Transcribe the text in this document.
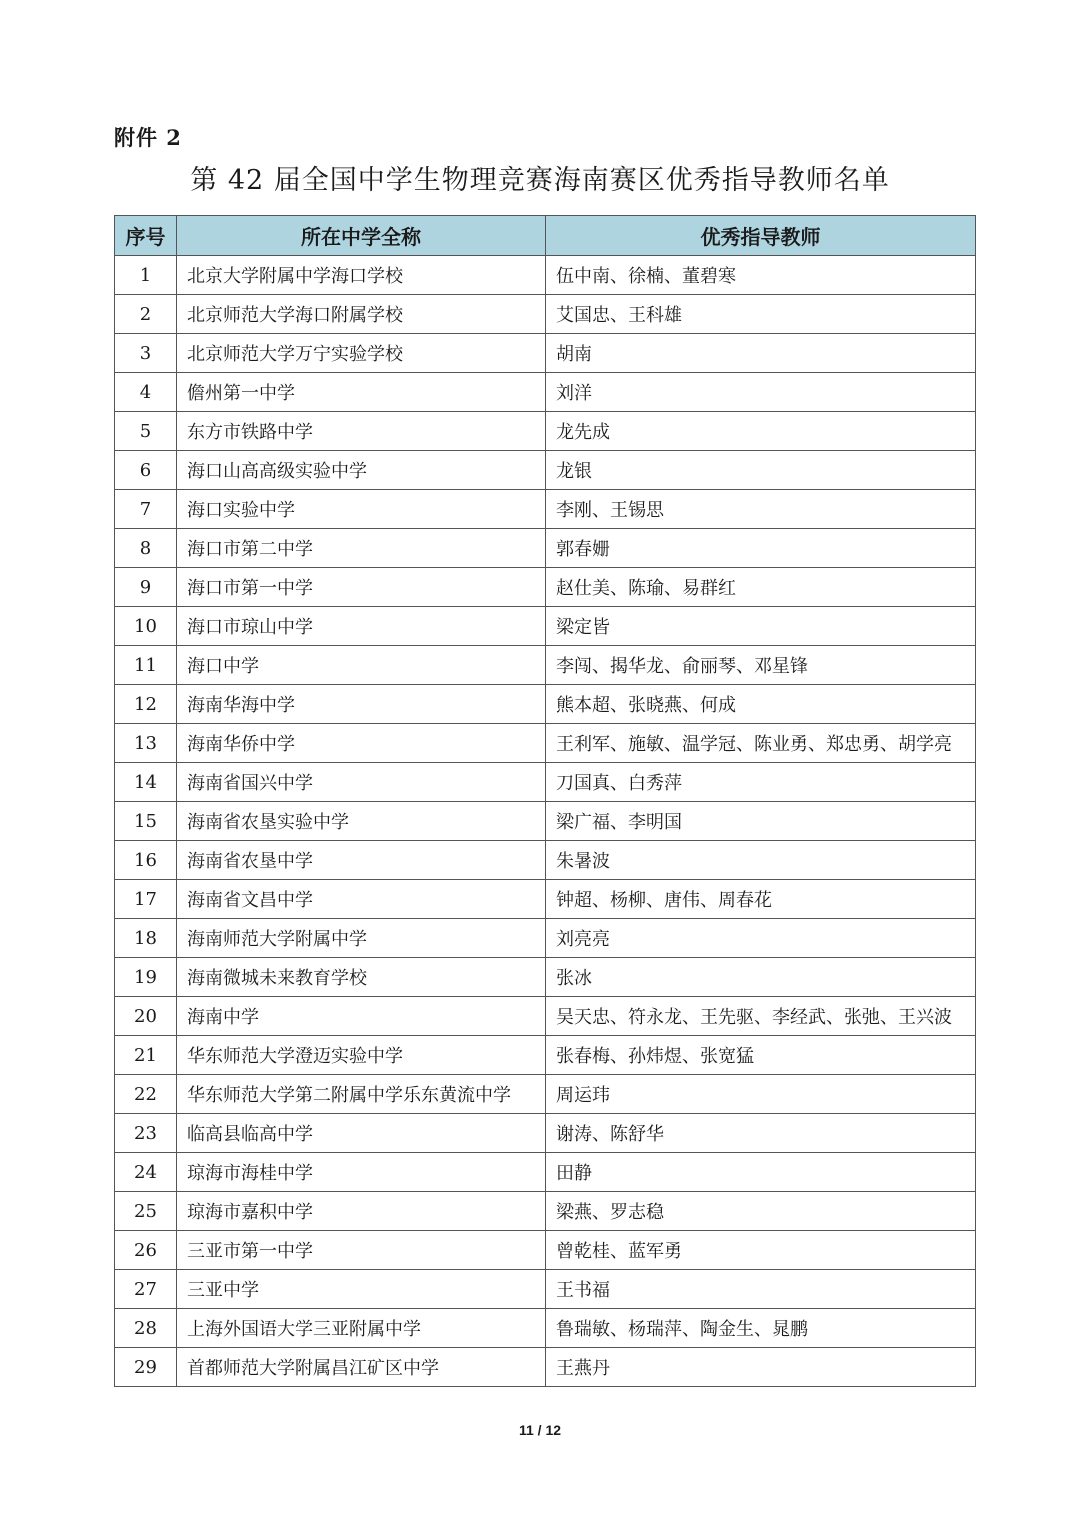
附件 2
第 42 届全国中学生物理竞赛海南赛区优秀指导教师名单
序号	所在中学全称	优秀指导教师
1	北京大学附属中学海口学校	伍中南、徐楠、董碧寒
2	北京师范大学海口附属学校	艾国忠、王科雄
3	北京师范大学万宁实验学校	胡南
4	儋州第一中学	刘洋
5	东方市铁路中学	龙先成
6	海口山高高级实验中学	龙银
7	海口实验中学	李刚、王锡思
8	海口市第二中学	郭春姗
9	海口市第一中学	赵仕美、陈瑜、易群红
10	海口市琼山中学	梁定皆
11	海口中学	李闯、揭华龙、俞丽琴、邓星锋
12	海南华海中学	熊本超、张晓燕、何成
13	海南华侨中学	王利军、施敏、温学冠、陈业勇、郑忠勇、胡学亮
14	海南省国兴中学	刀国真、白秀萍
15	海南省农垦实验中学	梁广福、李明国
16	海南省农垦中学	朱暑波
17	海南省文昌中学	钟超、杨柳、唐伟、周春花
18	海南师范大学附属中学	刘亮亮
19	海南微城未来教育学校	张冰
20	海南中学	吴天忠、符永龙、王先驱、李经武、张弛、王兴波
21	华东师范大学澄迈实验中学	张春梅、孙炜煜、张宽猛
22	华东师范大学第二附属中学乐东黄流中学	周运玮
23	临高县临高中学	谢涛、陈舒华
24	琼海市海桂中学	田静
25	琼海市嘉积中学	梁燕、罗志稳
26	三亚市第一中学	曾乾桂、蓝军勇
27	三亚中学	王书福
28	上海外国语大学三亚附属中学	鲁瑞敏、杨瑞萍、陶金生、晁鹏
29	首都师范大学附属昌江矿区中学	王燕丹
11 / 12
